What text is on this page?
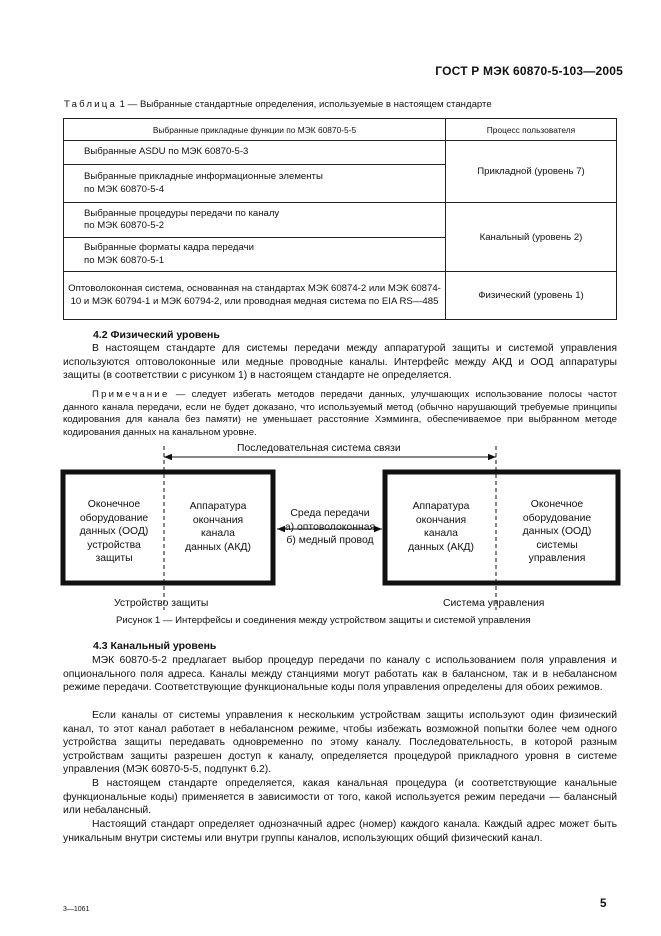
ГОСТ Р МЭК 60870-5-103—2005
Таблица 1 — Выбранные стандартные определения, используемые в настоящем стандарте
Выбранные прикладные функции по МЭК 60870-5-5	Процесс пользователя
Выбранные ASDU по МЭК 60870-5-3	Прикладной (уровень 7)
Выбранные прикладные информационные элементы
по МЭК 60870-5-4	
Выбранные процедуры передачи по каналу
по МЭК 60870-5-2	Канальный (уровень 2)
Выбранные форматы кадра передачи
по МЭК 60870-5-1	
Оптоволоконная система, основанная на стандартах МЭК 60874-2 или МЭК 60874-10 и МЭК 60794-1 и МЭК 60794-2, или проводная медная система по EIA RS—485	Физический (уровень 1)
4.2 Физический уровень
В настоящем стандарте для системы передачи между аппаратурой защиты и системой управления используются оптоволоконные или медные проводные каналы. Интерфейс между АКД и ООД аппаратуры защиты (в соответствии с рисунком 1) в настоящем стандарте не определяется.
Примечание — следует избегать методов передачи данных, улучшающих использование полосы частот данного канала передачи, если не будет доказано, что используемый метод (обычно нарушающий требуемые принципы кодирования для канала без памяти) не уменьшает расстояние Хэмминга, обеспечиваемое при выбранном методе кодирования данных на канальном уровне.
Последовательная система связи
Оконечное
оборудование
данных (ООД)
устройства
защиты
Аппаратура
окончания
канала
данных (АКД)
Среда передачи
а) оптоволоконная
б) медный провод
Аппаратура
окончания
канала
данных (АКД)
Оконечное
оборудование
данных (ООД)
системы
управления
Устройство защиты	Система управления
Рисунок 1 — Интерфейсы и соединения между устройством защиты и системой управления
4.3 Канальный уровень
МЭК 60870-5-2 предлагает выбор процедур передачи по каналу с использованием поля управления и опционального поля адреса. Каналы между станциями могут работать как в балансном, так и в небалансном режиме передачи. Соответствующие функциональные коды поля управления определены для обоих режимов.
Если каналы от системы управления к нескольким устройствам защиты используют один физический канал, то этот канал работает в небалансном режиме, чтобы избежать возможной попытки более чем одного устройства защиты передавать одновременно по этому каналу. Последовательность, в которой разным устройствам защиты разрешен доступ к каналу, определяется процедурой прикладного уровня в системе управления (МЭК 60870-5-5, подпункт 6.2).
В настоящем стандарте определяется, какая канальная процедура (и соответствующие канальные функциональные коды) применяется в зависимости от того, какой используется режим передачи — балансный или небалансный.
Настоящий стандарт определяет однозначный адрес (номер) каждого канала. Каждый адрес может быть уникальным внутри системы или внутри группы каналов, использующих общий физический канал.
3—1061	5
